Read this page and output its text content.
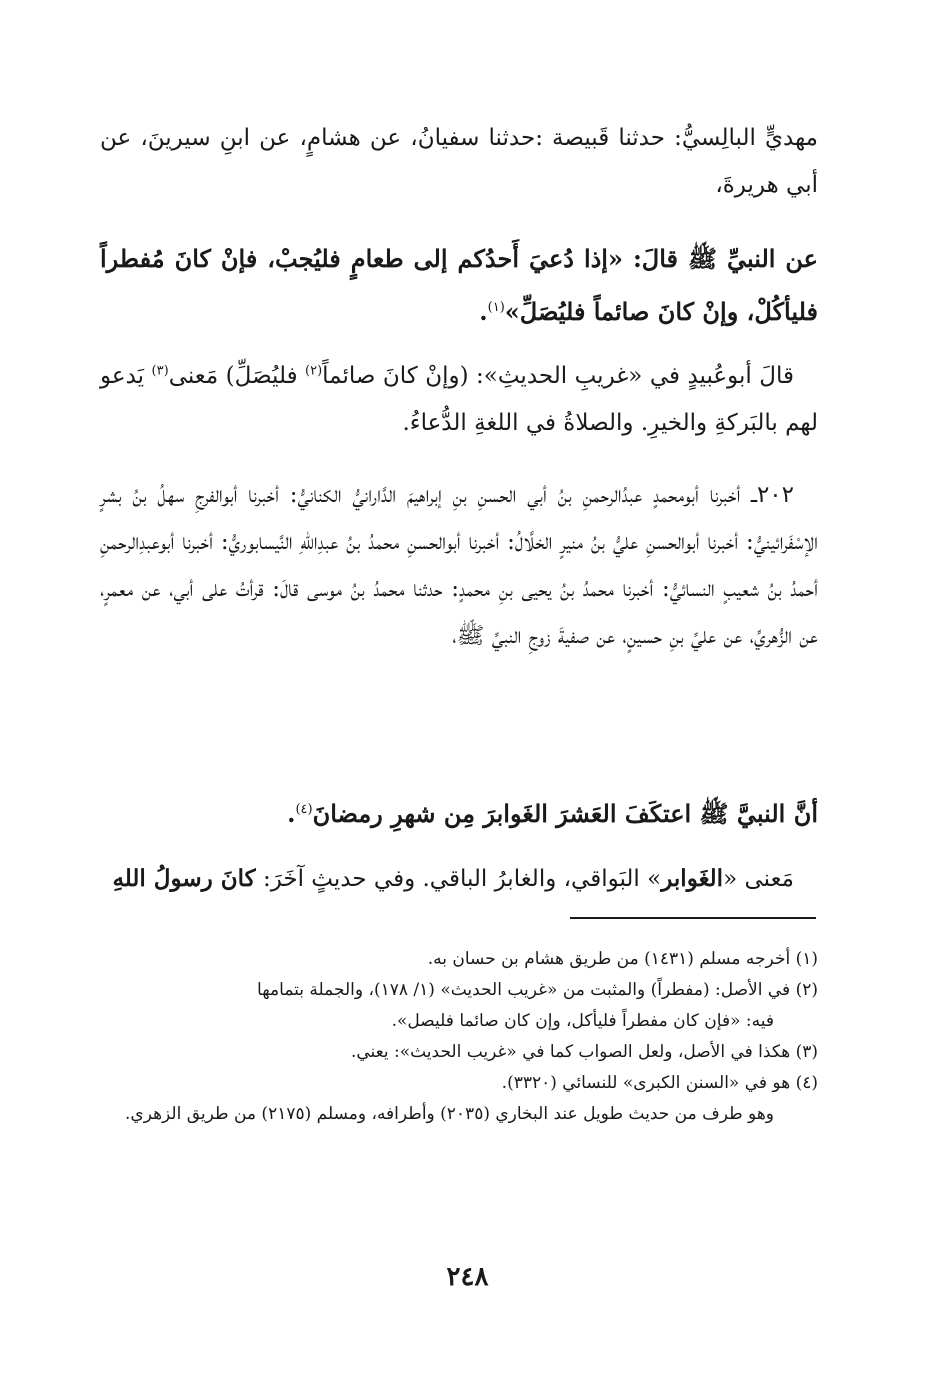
مهديٍّ البالِسيُّ: حدثنا قَبيصة :حدثنا سفيانُ، عن هشامٍ، عن ابنِ سيرينَ، عن أبي هريرةَ،

عن النبيِّ ﷺ قالَ: «إذا دُعيَ أَحدُكم إلى طعامٍ فليُجبْ، فإنْ كانَ مُفطراً فليأكُلْ، وإنْ كانَ صائماً فليُصَلِّ»$^{(١)}$.

قالَ أبوعُبيدٍ في «غريبِ الحديثِ»: (وإنْ كانَ صائماً$^{(٢)}$ فليُصَلِّ) مَعنى$^{(٣)}$ يَدعو لهم بالبَركةِ والخيرِ. والصلاةُ في اللغةِ الدُّعاءُ.

٢٠٢ــ أخبرنا أبومحمدٍ عبدُالرحمنِ بنُ أبي الحسنِ بنِ إبراهيمَ الدَّارانيُّ الكنانيُّ: أخبرنا أبوالفرجِ سهلُ بنُ بشرٍ الإسْفَرائينيُّ: أخبرنا أبوالحسنِ عليُّ بنُ منيرٍ الخلَّالُ: أخبرنا أبوالحسنِ محمدُ بنُ عبدِاللهِ النَّيسابوريُّ: أخبرنا أبوعبدِالرحمنِ أحمدُ بنُ شعيبٍ النسائيُّ: أخبرنا محمدُ بنُ يحيى بنِ محمدٍ: حدثنا محمدُ بنُ موسى قالَ: قرأتُ على أبي، عن معمرٍ، عن الزُّهريِّ، عن عليِّ بنِ حسينٍ، عن صفيةَ زوجِ النبيِّ ﷺ،

أنَّ النبيَّ ﷺ اعتكَفَ العَشرَ الغَوابرَ مِن شهرِ رمضانَ$^{(٤)}$.

مَعنى «الغَوابر» البَواقي، والغابرُ الباقي. وفي حديثٍ آخَرَ: كانَ رسولُ اللهِ

(١) أخرجه مسلم (١٤٣١) من طريق هشام بن حسان به.

(٢) في الأصل: (مفطراً) والمثبت من «غريب الحديث» (١/ ١٧٨)، والجملة بتمامها

فيه: «فإن كان مفطراً فليأكل، وإن كان صائما فليصل».

(٣) هكذا في الأصل، ولعل الصواب كما في «غريب الحديث»: يعني.

(٤) هو في «السنن الكبرى» للنسائي (٣٣٢٠).

وهو طرف من حديث طويل عند البخاري (٢٠٣٥) وأطرافه، ومسلم (٢١٧٥) من طريق الزهري.

٢٤٨
